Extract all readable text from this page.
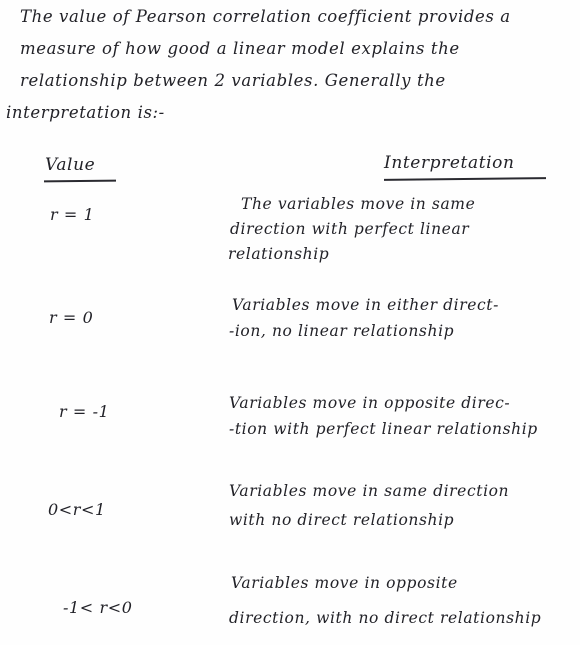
The value of Pearson correlation coefficient provides a
measure of how good a linear model explains the
relationship between 2 variables. Generally the
interpretation is:-
Value	Interpretation
r = 1
The variables move in same
direction with perfect linear
relationship
r = 0
Variables move in either direct-
-ion, no linear relationship
r = -1	Variables move in opposite direc-
-tion with perfect linear relationship
0<r<1
Variables move in same direction
with no direct relationship
-1< r<0
Variables move in opposite
direction, with no direct relationship
